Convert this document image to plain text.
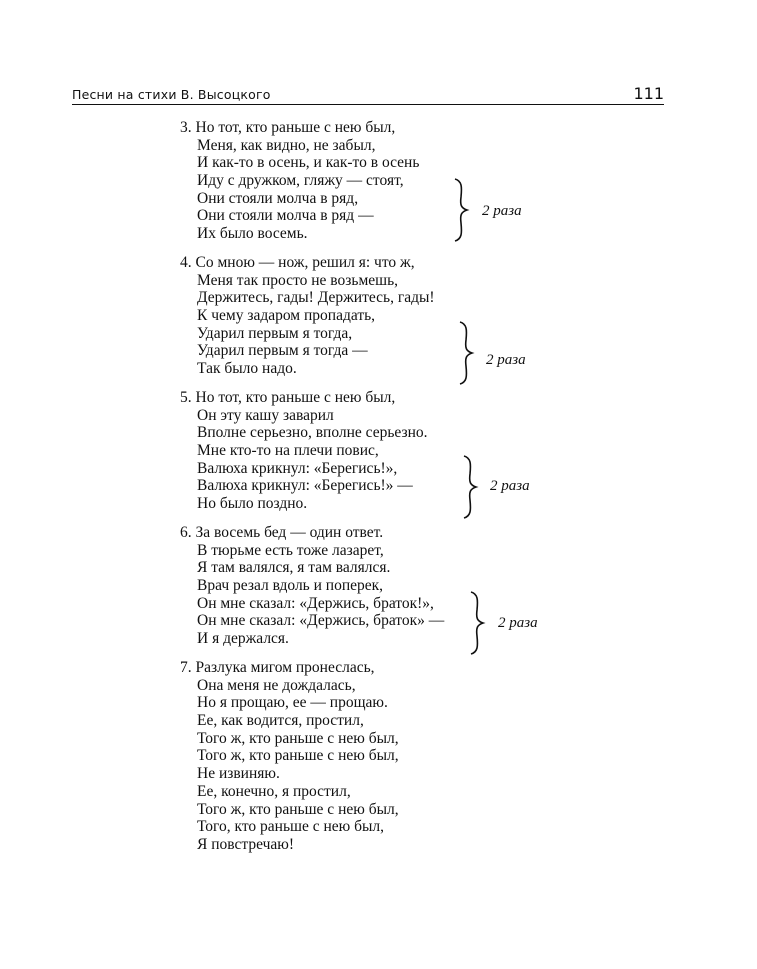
Песни на стихи В. Высоцкого	111
3. Но тот, кто раньше с нею был,
Меня, как видно, не забыл,
И как-то в осень, и как-то в осень
Иду с дружком, гляжу — стоят,
Они стояли молча в ряд,
Они стояли молча в ряд —
Их было восемь.
2 раза
4. Со мною — нож, решил я: что ж,
Меня так просто не возьмешь,
Держитесь, гады! Держитесь, гады!
К чему задаром пропадать,
Ударил первым я тогда,
Ударил первым я тогда —
Так было надо.
2 раза
5. Но тот, кто раньше с нею был,
Он эту кашу заварил
Вполне серьезно, вполне серьезно.
Мне кто-то на плечи повис,
Валюха крикнул: «Берегись!»,
Валюха крикнул: «Берегись!» —
Но было поздно.
2 раза
6. За восемь бед — один ответ.
В тюрьме есть тоже лазарет,
Я там валялся, я там валялся.
Врач резал вдоль и поперек,
Он мне сказал: «Держись, браток!»,
Он мне сказал: «Держись, браток» —
И я держался.
2 раза
7. Разлука мигом пронеслась,
Она меня не дождалась,
Но я прощаю, ее — прощаю.
Ее, как водится, простил,
Того ж, кто раньше с нею был,
Того ж, кто раньше с нею был,
Не извиняю.
Ее, конечно, я простил,
Того ж, кто раньше с нею был,
Того, кто раньше с нею был,
Я повстречаю!
